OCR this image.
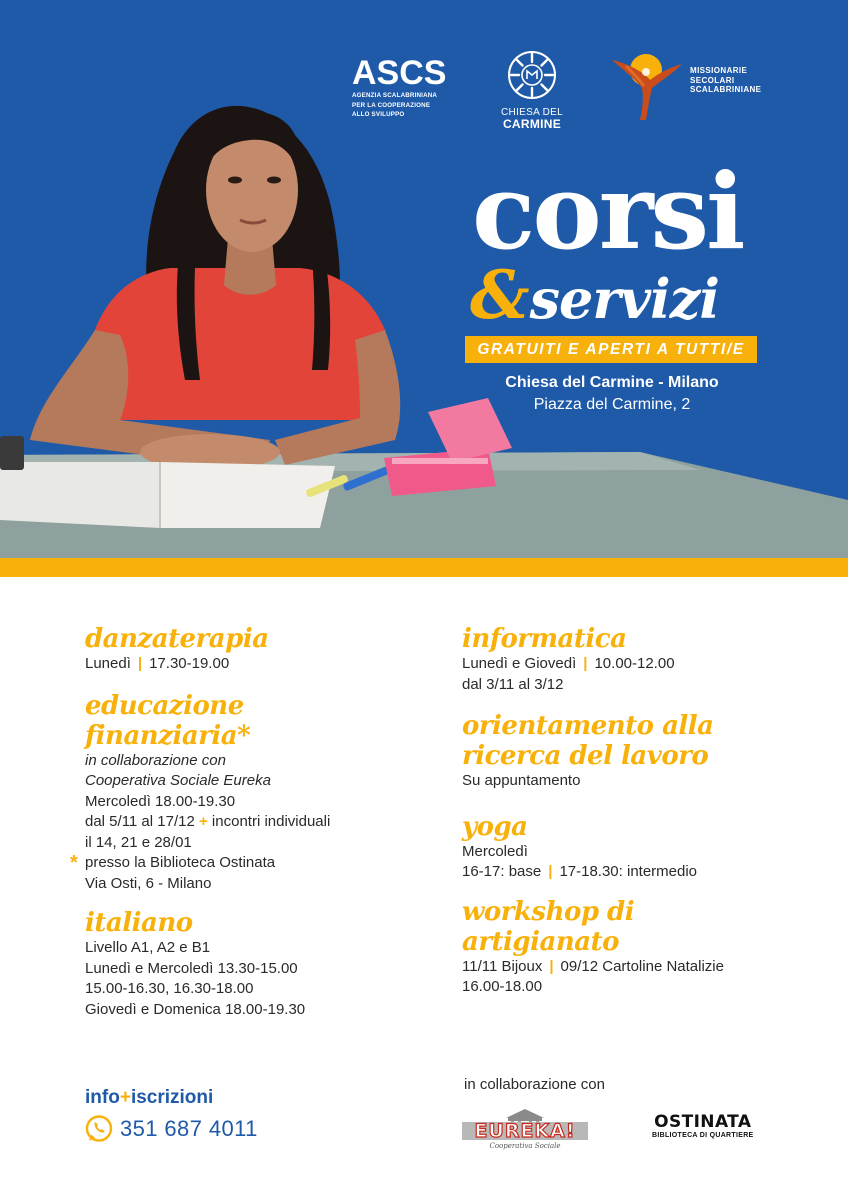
ASCS
AGENZIA SCALABRINIANA
PER LA COOPERAZIONE
ALLO SVILUPPO	CHIESA DEL
CARMINE
MISSIONARIE
SECOLARI
SCALABRINIANE
corsi
&servizi
GRATUITI E APERTI A TUTTI/E
Chiesa del Carmine - Milano
Piazza del Carmine, 2
danzaterapia
Lunedì | 17.30-19.00
educazione
finanziaria*
in collaborazione con
Cooperativa Sociale Eureka
Mercoledì 18.00-19.30
dal 5/11 al 17/12 + incontri individuali
il 14, 21 e 28/01
* presso la Biblioteca Ostinata
Via Osti, 6 - Milano
italiano
Livello A1, A2 e B1
Lunedì e Mercoledì 13.30-15.00
15.00-16.30, 16.30-18.00
Giovedì e Domenica 18.00-19.30
informatica
Lunedì e Giovedì | 10.00-12.00
dal 3/11 al 3/12
orientamento alla
ricerca del lavoro
Su appuntamento
yoga
Mercoledì
16-17: base | 17-18.30: intermedio
workshop di
artigianato
11/11 Bijoux | 09/12 Cartoline Natalizie
16.00-18.00
info+iscrizioni
351 687 4011
in collaborazione con
EUREKA!
Cooperativa Sociale
OSTINATA
BIBLIOTECA DI QUARTIERE
